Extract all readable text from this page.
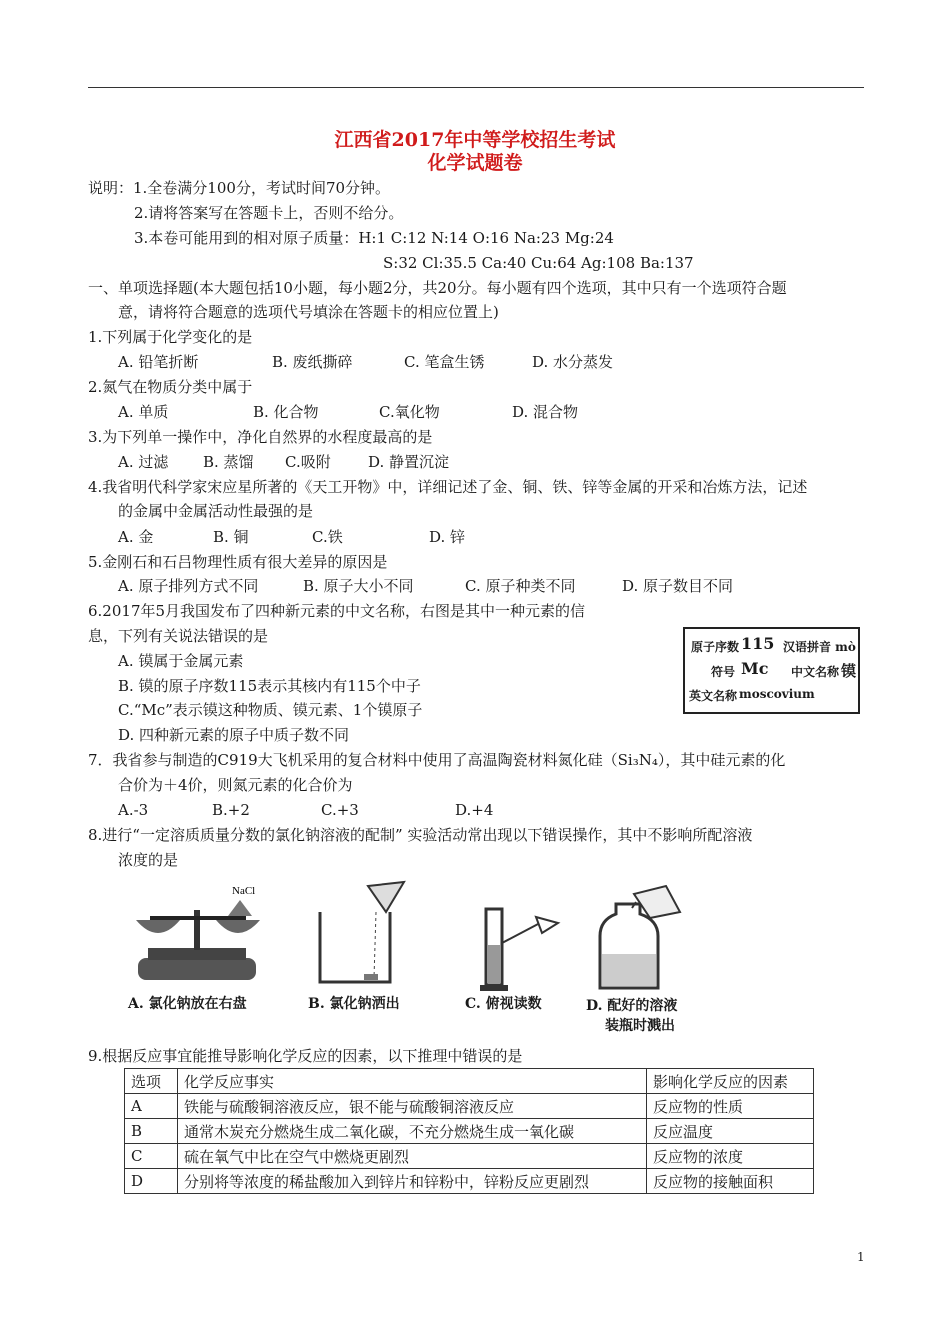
江西省2017年中等学校招生考试
化学试题卷
说明：1.全卷满分100分，考试时间70分钟。
2.请将答案写在答题卡上，否则不给分。
3.本卷可能用到的相对原子质量：H:1 C:12 N:14 O:16 Na:23 Mg:24
S:32 Cl:35.5 Ca:40 Cu:64 Ag:108 Ba:137
一、单项选择题(本大题包括10小题，每小题2分，共20分。每小题有四个选项，其中只有一个选项符合题
意，请将符合题意的选项代号填涂在答题卡的相应位置上)
1.下列属于化学变化的是
A. 铅笔折断	B. 废纸撕碎	C. 笔盒生锈	D. 水分蒸发
2.氮气在物质分类中属于
A. 单质	B. 化合物	C.氧化物	D. 混合物
3.为下列单一操作中，净化自然界的水程度最高的是
A. 过滤 B. 蒸馏 C.吸附 D. 静置沉淀
4.我省明代科学家宋应星所著的《天工开物》中，详细记述了金、铜、铁、锌等金属的开采和冶炼方法，记述
的金属中金属活动性最强的是
A. 金	B. 铜	C.铁	D. 锌
5.金刚石和石吕物理性质有很大差异的原因是
A. 原子排列方式不同	B. 原子大小不同	C. 原子种类不同	D. 原子数目不同
6.2017年5月我国发布了四种新元素的中文名称，右图是其中一种元素的信
息，下列有关说法错误的是
A. 镆属于金属元素
B. 镆的原子序数115表示其核内有115个中子
C.“Mc”表示镆这种物质、镆元素、1个镆原子
D. 四种新元素的原子中质子数不同
原子序数 115 汉语拼音 mò
符号 Mc 中文名称 镆
英文名称 moscovium
7．我省参与制造的C919大飞机采用的复合材料中使用了高温陶瓷材料氮化硅（Si₃N₄），其中硅元素的化
合价为＋4价，则氮元素的化合价为
A.-3	B.+2	C.+3	D.+4
8.进行“一定溶质质量分数的氯化钠溶液的配制” 实验活动常出现以下错误操作，其中不影响所配溶液
浓度的是
NaCl
A. 氯化钠放在右盘	B. 氯化钠洒出	C. 俯视读数	D. 配好的溶液
装瓶时溅出
9.根据反应事宜能推导影响化学反应的因素，以下推理中错误的是
选项	化学反应事实	影响化学反应的因素
A	铁能与硫酸铜溶液反应，银不能与硫酸铜溶液反应	反应物的性质
B	通常木炭充分燃烧生成二氧化碳，不充分燃烧生成一氧化碳	反应温度
C	硫在氧气中比在空气中燃烧更剧烈	反应物的浓度
D	分别将等浓度的稀盐酸加入到锌片和锌粉中，锌粉反应更剧烈	反应物的接触面积
1
